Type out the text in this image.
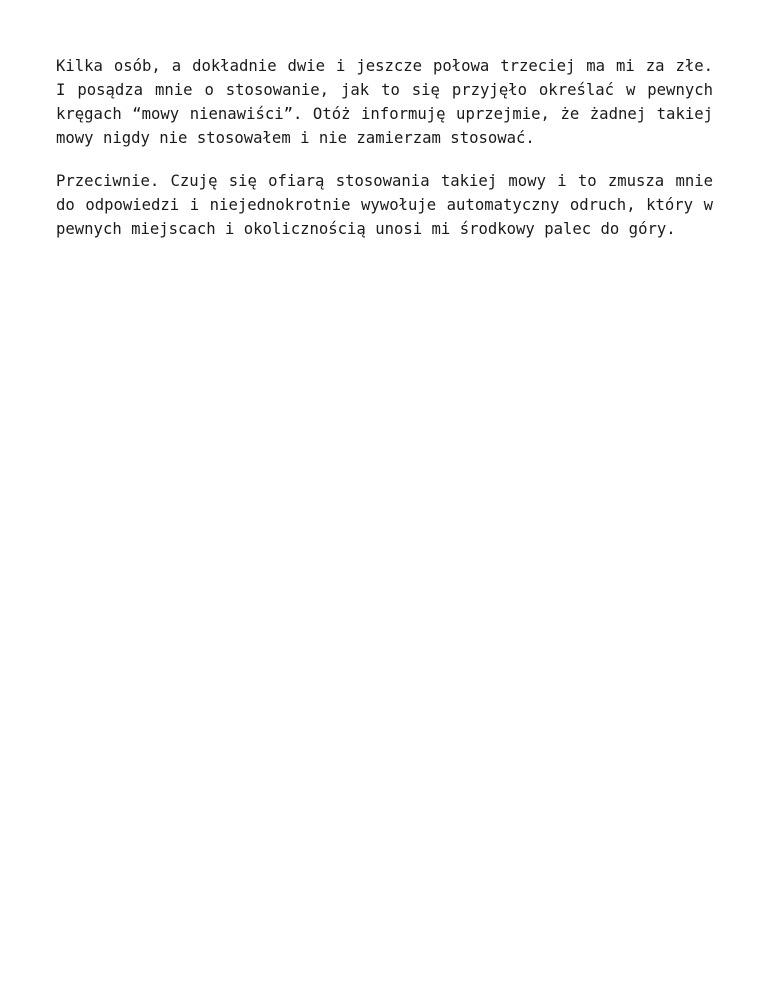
Kilka osób, a dokładnie dwie i jeszcze połowa trzeciej ma mi za złe. I posądza mnie o stosowanie, jak to się przyjęło określać w pewnych kręgach “mowy nienawiści”. Otóż informuję uprzejmie, że żadnej takiej mowy nigdy nie stosowałem i nie zamierzam stosować.

Przeciwnie. Czuję się ofiarą stosowania takiej mowy i to zmusza mnie do odpowiedzi i niejednokrotnie wywołuje automatyczny odruch, który w pewnych miejscach i okolicznością unosi mi środkowy palec do góry.
